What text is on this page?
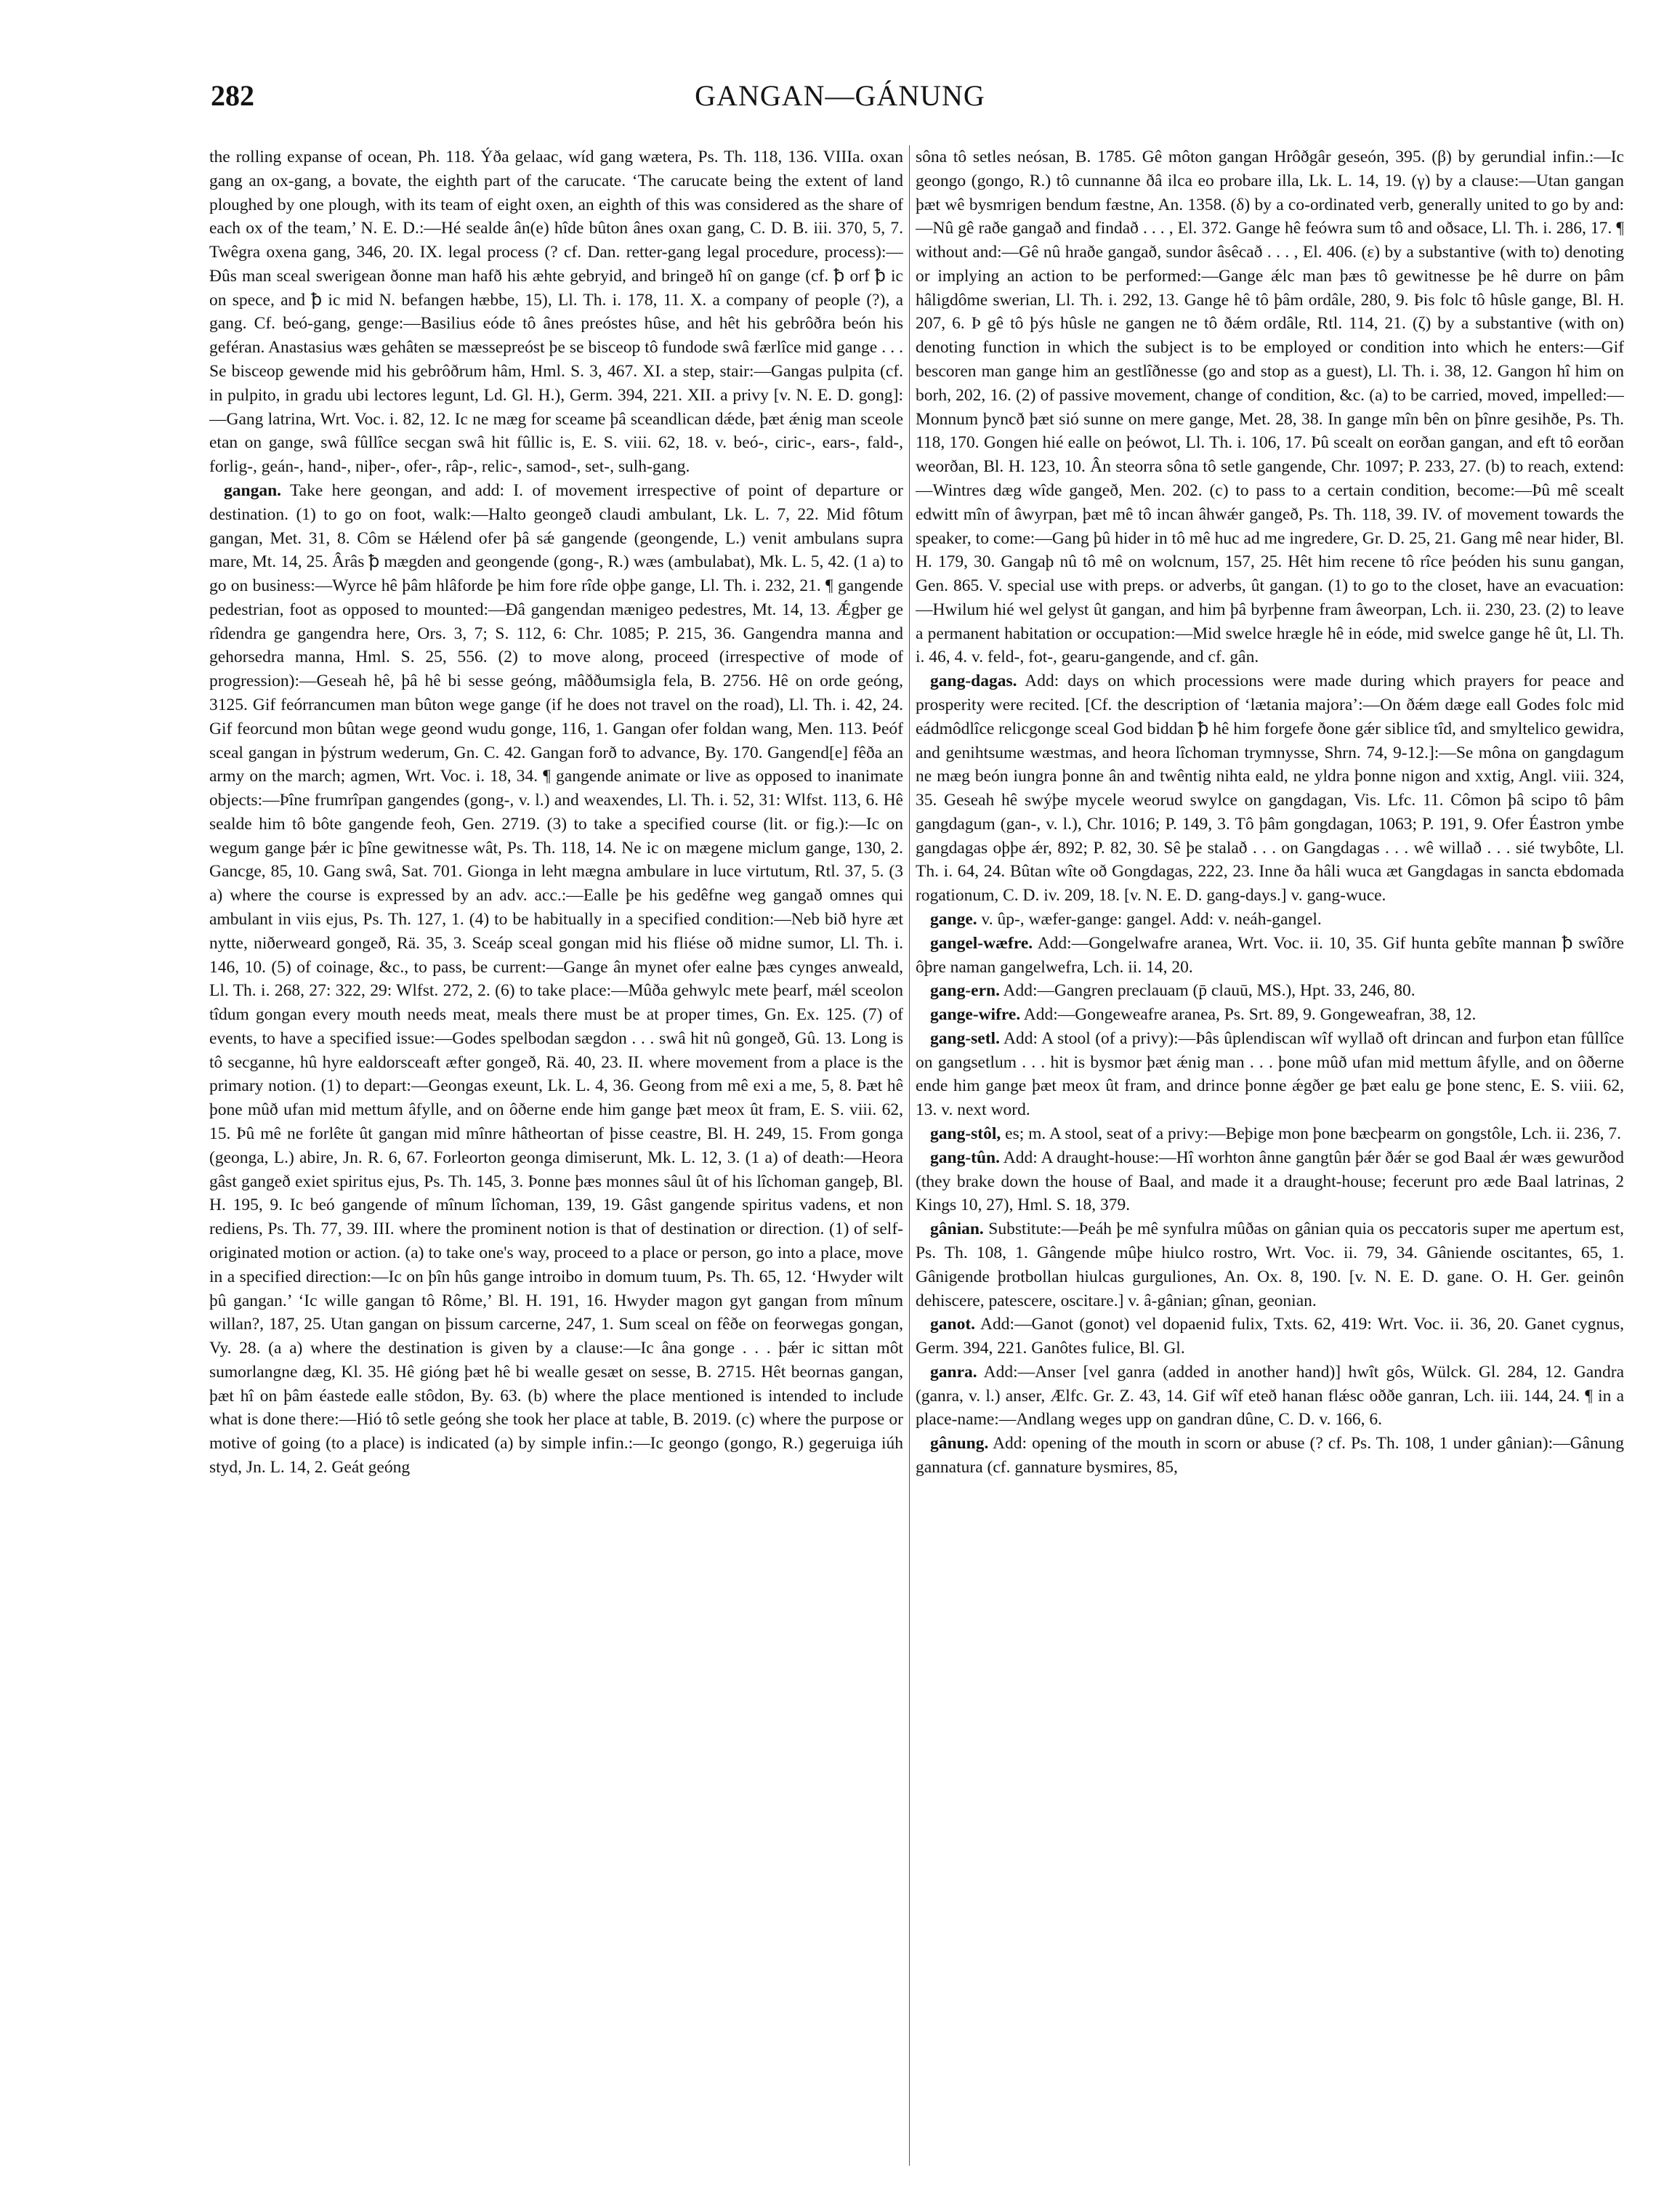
GANGAN—GÁNUNG
282

the rolling expanse of ocean, Ph. 118. Ýða gelaac, wíd gang wætera, Ps. Th. 118, 136. VIIIa. oxan gang an ox-gang, a bovate, the eighth part of the carucate. ‘The carucate being the extent of land ploughed by one plough, with its team of eight oxen, an eighth of this was considered as the share of each ox of the team,’ N. E. D.:—Hé sealde ân(e) hîde bûton ânes oxan gang, C. D. B. iii. 370, 5, 7. Twêgra oxena gang, 346, 20. IX. legal process (? cf. Dan. retter-gang legal procedure, process):—Ðûs man sceal swerigean ðonne man hafð his æhte gebryid, and bringeð hî on gange (cf. ꝥ orf ꝥ ic on specе, and ꝥ ic mid N. befangen hæbbe, 15), Ll. Th. i. 178, 11. X. a company of people (?), a gang. Cf. beó-gang, genge:—Basilius eóde tô ânes preóstes hûse, and hêt his gebrôðra beón his geféran. Anastasius wæs gehâten se mæssepreóst þe se bisceop tô fundode swâ færlîce mid gange . . . Se bisceop gewende mid his gebrôðrum hâm, Hml. S. 3, 467. XI. a step, stair:—Gangas pulpita (cf. in pulpito, in gradu ubi lectores legunt, Ld. Gl. H.), Germ. 394, 221. XII. a privy [v. N. E. D. gong]:—Gang latrina, Wrt. Voc. i. 82, 12. Ic ne mæg for sceame þâ sceandlican dǽde, þæt ǽnig man sceole etan on gange, swâ fûllîce secgan swâ hit fûllic is, E. S. viii. 62, 18. v. beó-, ciric-, ears-, fald-, forlig-, geán-, hand-, niþer-, ofer-, râp-, relic-, samod-, set-, sulh-gang.

gangan. Take here geongan, and add: I. of movement irrespective of point of departure or destination. (1) to go on foot, walk:—Halto geongeð claudi ambulant, Lk. L. 7, 22. Mid fôtum gangan, Met. 31, 8. Côm se Hǽlend ofer þâ sǽ gangende (geongende, L.) venit ambulans supra mare, Mt. 14, 25. Ârâs ꝥ mægden and geongende (gong-, R.) wæs (ambulabat), Mk. L. 5, 42. (1 a) to go on business:—Wyrce hê þâm hlâforde þe him fore rîde oþþe gange, Ll. Th. i. 232, 21. ¶ gangende pedestrian, foot as opposed to mounted:—Ðâ gangendan mænigeo pedestres, Mt. 14, 13. Ǽgþer ge rîdendra ge gangendra here, Ors. 3, 7; S. 112, 6: Chr. 1085; P. 215, 36. Gangendra manna and gehorsedra manna, Hml. S. 25, 556. (2) to move along, proceed (irrespective of mode of progression):—Geseah hê, þâ hê bi sesse geóng, mâððumsigla fela, B. 2756. Hê on orde geóng, 3125. Gif feórrancumen man bûton wege gange (if he does not travel on the road), Ll. Th. i. 42, 24. Gif feorcund mon bûtan wege geond wudu gonge, 116, 1. Gangan ofer foldan wang, Men. 113. Þeóf sceal gangan in þýstrum wederum, Gn. C. 42. Gangan forð to advance, By. 170. Gangend[e] fêða an army on the march; agmen, Wrt. Voc. i. 18, 34. ¶ gangende animate or live as opposed to inanimate objects:—Þîne frumrîpan gangendes (gong-, v. l.) and weaxendes, Ll. Th. i. 52, 31: Wlfst. 113, 6. Hê sealde him tô bôte gangende feoh, Gen. 2719. (3) to take a specified course (lit. or fig.):—Ic on wegum gange þǽr ic þîne gewitnesse wât, Ps. Th. 118, 14. Ne ic on mægene miclum gange, 130, 2. Gancge, 85, 10. Gang swâ, Sat. 701. Gionga in leht mægna ambulare in luce virtutum, Rtl. 37, 5. (3 a) where the course is expressed by an adv. acc.:—Ealle þe his gedêfne weg gangað omnes qui ambulant in viis ejus, Ps. Th. 127, 1. (4) to be habitually in a specified condition:—Neb bið hyre æt nytte, niðerweard gongeð, Rä. 35, 3. Sceáp sceal gongan mid his fliése oð midne sumor, Ll. Th. i. 146, 10. (5) of coinage, &c., to pass, be current:—Gange ân mynet ofer ealne þæs cynges anweald, Ll. Th. i. 268, 27: 322, 29: Wlfst. 272, 2. (6) to take place:—Mûða gehwylc mete þearf, mǽl sceolon tîdum gongan every mouth needs meat, meals there must be at proper times, Gn. Ex. 125. (7) of events, to have a specified issue:—Godes spelbodan sægdon . . . swâ hit nû gongeð, Gû. 13. Long is tô secganne, hû hyre ealdorsceaft æfter gongeð, Rä. 40, 23. II. where movement from a place is the primary notion. (1) to depart:—Geongas exeunt, Lk. L. 4, 36. Geong from mê exi a me, 5, 8. Þæt hê þone mûð ufan mid mettum âfylle, and on ôðerne ende him gange þæt meox ût fram, E. S. viii. 62, 15. Þû mê ne forlête ût gangan mid mînre hâtheortan of þisse ceastre, Bl. H. 249, 15. From gonga (geonga, L.) abire, Jn. R. 6, 67. Forleorton geonga dimiserunt, Mk. L. 12, 3. (1 a) of death:—Heora gâst gangeð exiet spiritus ejus, Ps. Th. 145, 3. Þonne þæs monnes sâul ût of his lîchoman gangeþ, Bl. H. 195, 9. Ic beó gangende of mînum lîchoman, 139, 19. Gâst gangende spiritus vadens, et non rediens, Ps. Th. 77, 39. III. where the prominent notion is that of destination or direction. (1) of self-originated motion or action. (a) to take one's way, proceed to a place or person, go into a place, move in a specified direction:—Ic on þîn hûs gange introibo in domum tuum, Ps. Th. 65, 12. ‘Hwyder wilt þû gangan.’ ‘Ic wille gangan tô Rôme,’ Bl. H. 191, 16. Hwyder magon gyt gangan from mînum willan?, 187, 25. Utan gangan on þissum carcerne, 247, 1. Sum sceal on fêðe on feorwegas gongan, Vy. 28. (a a) where the destination is given by a clause:—Ic âna gonge . . . þǽr ic sittan môt sumorlangne dæg, Kl. 35. Hê gióng þæt hê bi wealle gesæt on sesse, B. 2715. Hêt beornas gangan, þæt hî on þâm éastede ealle stôdon, By. 63. (b) where the place mentioned is intended to include what is done there:—Hió tô setle geóng she took her place at table, B. 2019. (c) where the purpose or motive of going (to a place) is indicated (a) by simple infin.:—Ic geongo (gongo, R.) gegeruiga iúh styd, Jn. L. 14, 2. Geát geóng

sôna tô setles neósan, B. 1785. Gê môton gangan Hrôðgâr geseón, 395. (β) by gerundial infin.:—Ic geongo (gongo, R.) tô cunnanne ðâ ilca eo probare illa, Lk. L. 14, 19. (γ) by a clause:—Utan gangan þæt wê bysmrigen bendum fæstne, An. 1358. (δ) by a co-ordinated verb, generally united to go by and:—Nû gê raðe gangað and findað . . . , El. 372. Gange hê feówra sum tô and oðsace, Ll. Th. i. 286, 17. ¶ without and:—Gê nû hraðe gangað, sundor âsêcað . . . , El. 406. (ε) by a substantive (with to) denoting or implying an action to be performed:—Gange ǽlc man þæs tô gewitnesse þe hê durre on þâm hâligdôme swerian, Ll. Th. i. 292, 13. Gange hê tô þâm ordâle, 280, 9. Þis folc tô hûsle gange, Bl. H. 207, 6. Þ gê tô þýs hûsle ne gangen ne tô ðǽm ordâle, Rtl. 114, 21. (ζ) by a substantive (with on) denoting function in which the subject is to be employed or condition into which he enters:—Gif bescoren man gange him an gestlîðnesse (go and stop as a guest), Ll. Th. i. 38, 12. Gangon hî him on borh, 202, 16. (2) of passive movement, change of condition, &c. (a) to be carried, moved, impelled:—Monnum þyncð þæt sió sunne on mere gange, Met. 28, 38. In gange mîn bên on þînre gesihðe, Ps. Th. 118, 170. Gongen hié ealle on þeówot, Ll. Th. i. 106, 17. Þû scealt on eorðan gangan, and eft tô eorðan weorðan, Bl. H. 123, 10. Ân steorra sôna tô setle gangende, Chr. 1097; P. 233, 27. (b) to reach, extend:—Wintres dæg wîde gangeð, Men. 202. (c) to pass to a certain condition, become:—Þû mê scealt edwitt mîn of âwyrpan, þæt mê tô incan âhwǽr gangeð, Ps. Th. 118, 39. IV. of movement towards the speaker, to come:—Gang þû hider in tô mê huc ad me ingredere, Gr. D. 25, 21. Gang mê near hider, Bl. H. 179, 30. Gangaþ nû tô mê on wolcnum, 157, 25. Hêt him recene tô rîce þeóden his sunu gangan, Gen. 865. V. special use with preps. or adverbs, ût gangan. (1) to go to the closet, have an evacuation:—Hwilum hié wel gelyst ût gangan, and him þâ byrþenne fram âweorpan, Lch. ii. 230, 23. (2) to leave a permanent habitation or occupation:—Mid swelce hrægle hê in eóde, mid swelce gange hê ût, Ll. Th. i. 46, 4. v. feld-, fot-, gearu-gangende, and cf. gân.

gang-dagas. Add: days on which processions were made during which prayers for peace and prosperity were recited. [Cf. the description of ‘lætania majora’:—On ðǽm dæge eall Godes folc mid eádmôdlîce relicgonge sceal God biddan ꝥ hê him forgefe ðone gǽr siblice tîd, and smyltelico gewidra, and genihtsume wæstmas, and heora lîchoman trymnysse, Shrn. 74, 9-12.]:—Se môna on gangdagum ne mæg beón iungra þonne ân and twêntig nihta eald, ne yldra þonne nigon and xxtig, Angl. viii. 324, 35. Geseah hê swýþe mycele weorud swylce on gangdagan, Vis. Lfc. 11. Cômon þâ scipo tô þâm gangdagum (gan-, v. l.), Chr. 1016; P. 149, 3. Tô þâm gongdagan, 1063; P. 191, 9. Ofer Éastron ymbe gangdagas oþþe ǽr, 892; P. 82, 30. Sê þe stalað . . . on Gangdagas . . . wê willað . . . sié twybôte, Ll. Th. i. 64, 24. Bûtan wîte oð Gongdagas, 222, 23. Inne ða hâli wuca æt Gangdagas in sancta ebdomada rogationum, C. D. iv. 209, 18. [v. N. E. D. gang-days.] v. gang-wuce.

gange. v. ûp-, wæfer-gange: gangel. Add: v. neáh-gangel.

gangel-wæfre. Add:—Gongelwafre aranea, Wrt. Voc. ii. 10, 35. Gif hunta gebîte mannan ꝥ swîðre ôþre naman gangelwefra, Lch. ii. 14, 20.

gang-ern. Add:—Gangren preclauam (p̄ clauū, MS.), Hpt. 33, 246, 80.

gange-wifre. Add:—Gongeweafre aranea, Ps. Srt. 89, 9. Gongeweafran, 38, 12.

gang-setl. Add: A stool (of a privy):—Þâs ûplendiscan wîf wyllað oft drincan and furþon etan fûllîce on gangsetlum . . . hit is bysmor þæt ǽnig man . . . þone mûð ufan mid mettum âfylle, and on ôðerne ende him gange þæt meox ût fram, and drince þonne ǽgðer ge þæt ealu ge þone stenc, E. S. viii. 62, 13. v. next word.

gang-stôl, es; m. A stool, seat of a privy:—Beþige mon þone bæcþearm on gongstôle, Lch. ii. 236, 7.

gang-tûn. Add: A draught-house:—Hî worhton ânne gangtûn þǽr ðǽr se god Baal ǽr wæs gewurðod (they brake down the house of Baal, and made it a draught-house; fecerunt pro æde Baal latrinas, 2 Kings 10, 27), Hml. S. 18, 379.

gânian. Substitute:—Þeáh þe mê synfulra mûðas on gânian quia os peccatoris super me apertum est, Ps. Th. 108, 1. Gângende mûþe hiulco rostro, Wrt. Voc. ii. 79, 34. Gâniende oscitantes, 65, 1. Gânigende þrotbollan hiulcas gurguliones, An. Ox. 8, 190. [v. N. E. D. gane. O. H. Ger. geinôn dehiscere, patescere, oscitare.] v. â-gânian; gînan, geonian.

ganot. Add:—Ganot (gonot) vel dopaenid fulix, Txts. 62, 419: Wrt. Voc. ii. 36, 20. Ganet cygnus, Germ. 394, 221. Ganôtes fulice, Bl. Gl.

ganra. Add:—Anser [vel ganra (added in another hand)] hwît gôs, Wülck. Gl. 284, 12. Gandra (ganra, v. l.) anser, Ælfc. Gr. Z. 43, 14. Gif wîf eteð hanan flǽsc oððe ganran, Lch. iii. 144, 24. ¶ in a place-name:—Andlang weges upp on gandran dûne, C. D. v. 166, 6.

gânung. Add: opening of the mouth in scorn or abuse (? cf. Ps. Th. 108, 1 under gânian):—Gânung gannatura (cf. gannature bysmires, 85,
